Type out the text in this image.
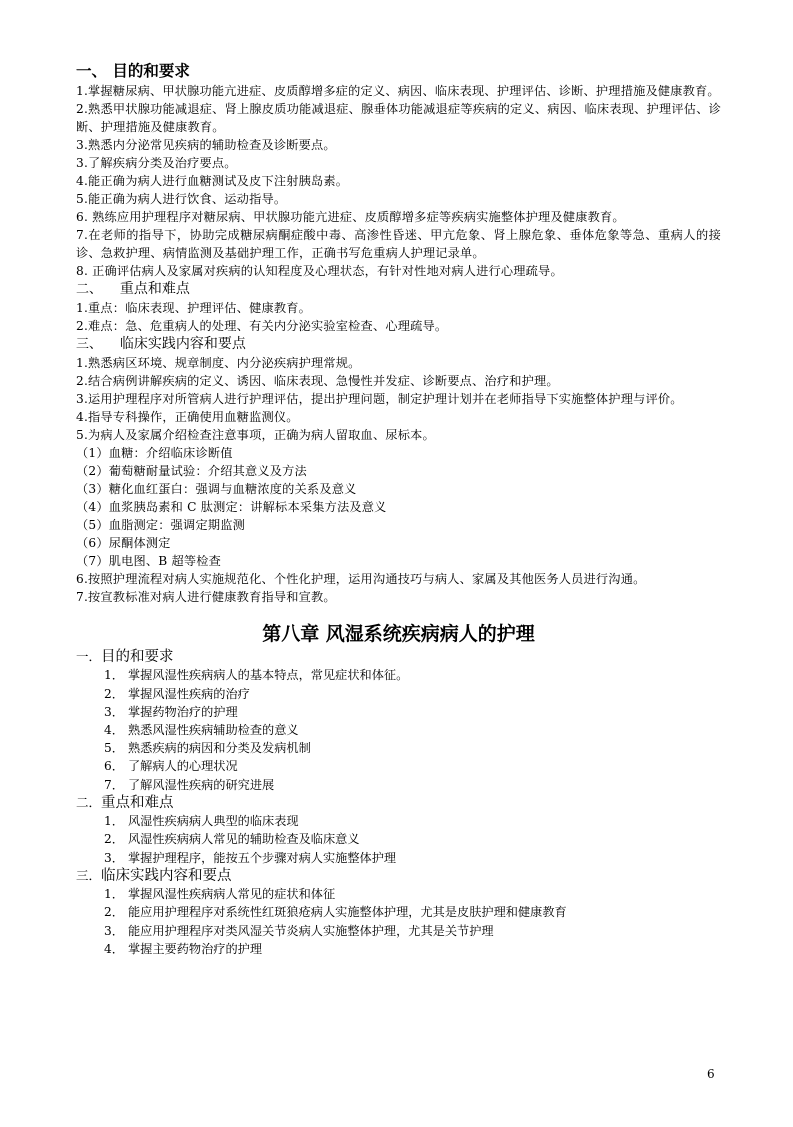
一、 目的和要求

1.掌握糖尿病、甲状腺功能亢进症、皮质醇增多症的定义、病因、临床表现、护理评估、诊断、护理措施及健康教育。

2.熟悉甲状腺功能减退症、肾上腺皮质功能减退症、腺垂体功能减退症等疾病的定义、病因、临床表现、护理评估、诊断、护理措施及健康教育。

3.熟悉内分泌常见疾病的辅助检查及诊断要点。

3.了解疾病分类及治疗要点。

4.能正确为病人进行血糖测试及皮下注射胰岛素。

5.能正确为病人进行饮食、运动指导。

6. 熟练应用护理程序对糖尿病、甲状腺功能亢进症、皮质醇增多症等疾病实施整体护理及健康教育。

7.在老师的指导下，协助完成糖尿病酮症酸中毒、高渗性昏迷、甲亢危象、肾上腺危象、垂体危象等急、重病人的接诊、急救护理、病情监测及基础护理工作，正确书写危重病人护理记录单。

8. 正确评估病人及家属对疾病的认知程度及心理状态，有针对性地对病人进行心理疏导。

二、 重点和难点

1.重点：临床表现、护理评估、健康教育。

2.难点：急、危重病人的处理、有关内分泌实验室检查、心理疏导。

三、 临床实践内容和要点

1.熟悉病区环境、规章制度、内分泌疾病护理常规。

2.结合病例讲解疾病的定义、诱因、临床表现、急慢性并发症、诊断要点、治疗和护理。

3.运用护理程序对所管病人进行护理评估，提出护理问题，制定护理计划并在老师指导下实施整体护理与评价。

4.指导专科操作，正确使用血糖监测仪。

5.为病人及家属介绍检查注意事项，正确为病人留取血、尿标本。

（1）血糖：介绍临床诊断值

（2）葡萄糖耐量试验：介绍其意义及方法

（3）糖化血红蛋白：强调与血糖浓度的关系及意义

（4）血浆胰岛素和 C 肽测定：讲解标本采集方法及意义

（5）血脂测定：强调定期监测

（6）尿酮体测定

（7）肌电图、B 超等检查

6.按照护理流程对病人实施规范化、个性化护理，运用沟通技巧与病人、家属及其他医务人员进行沟通。

7.按宣教标准对病人进行健康教育指导和宣教。

第八章 风湿系统疾病病人的护理
一．目的和要求

1． 掌握风湿性疾病病人的基本特点，常见症状和体征。

2． 掌握风湿性疾病的治疗

3． 掌握药物治疗的护理

4． 熟悉风湿性疾病辅助检查的意义

5． 熟悉疾病的病因和分类及发病机制

6． 了解病人的心理状况

7． 了解风湿性疾病的研究进展

二．重点和难点

1． 风湿性疾病病人典型的临床表现

2． 风湿性疾病病人常见的辅助检查及临床意义

3． 掌握护理程序，能按五个步骤对病人实施整体护理

三．临床实践内容和要点

1． 掌握风湿性疾病病人常见的症状和体征

2． 能应用护理程序对系统性红斑狼疮病人实施整体护理，尤其是皮肤护理和健康教育

3． 能应用护理程序对类风湿关节炎病人实施整体护理，尤其是关节护理

4． 掌握主要药物治疗的护理

6
